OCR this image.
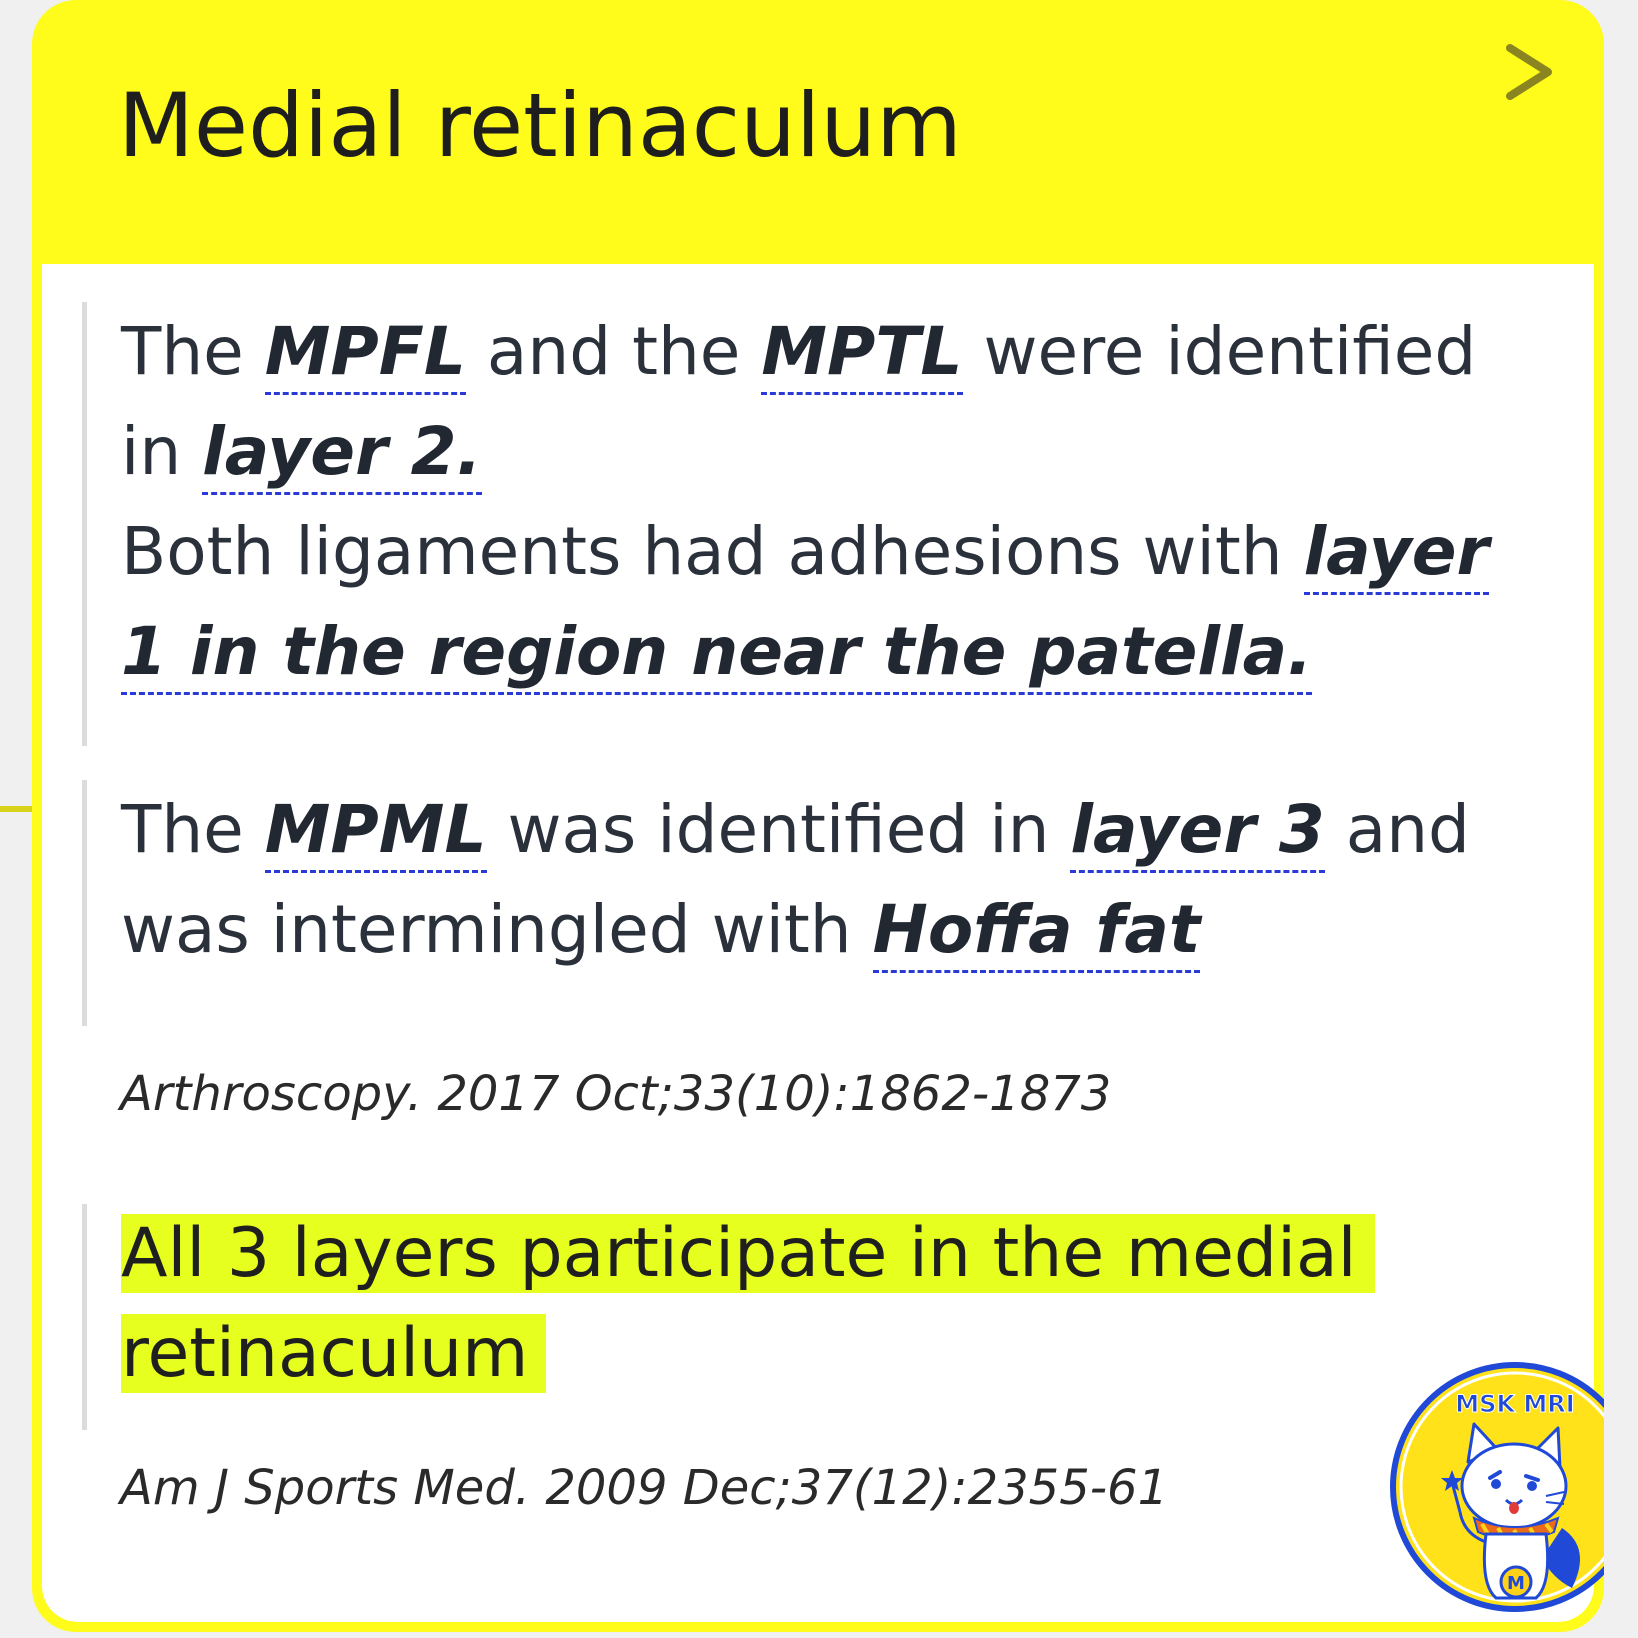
Medial retinaculum

The MPFL and the MPTL were identified in layer 2.

Both ligaments had adhesions with layer 1 in the region near the patella.

The MPML was identified in layer 3 and was intermingled with Hoffa fat

Arthroscopy. 2017 Oct;33(10):1862-1873

All 3 layers participate in the medial retinaculum

Am J Sports Med. 2009 Dec;37(12):2355-61

MSK MRI
M
